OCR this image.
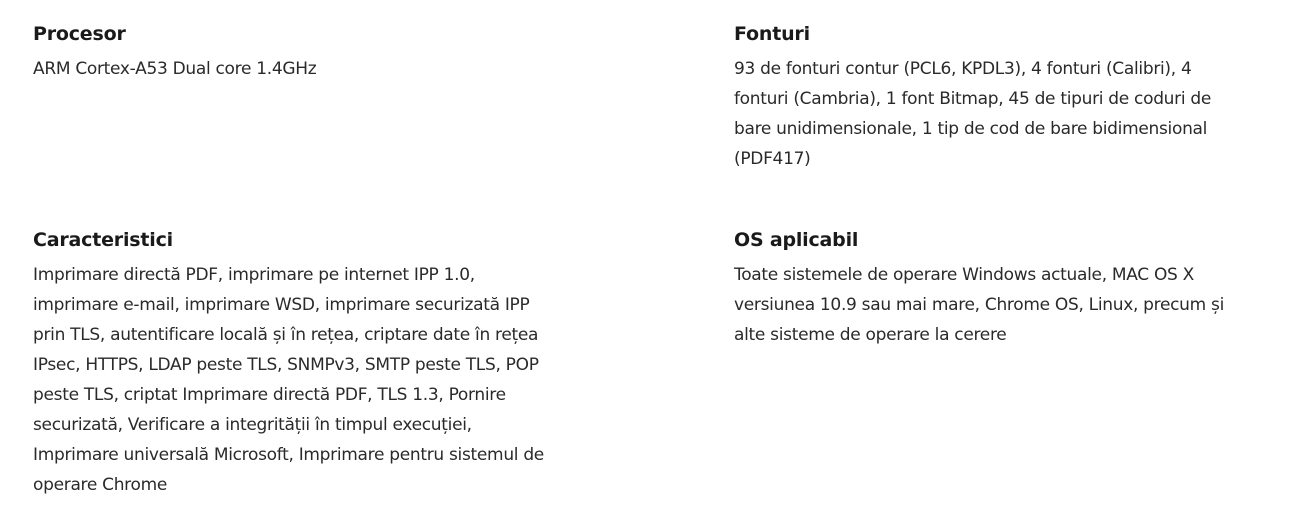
Procesor

ARM Cortex-A53 Dual core 1.4GHz

Fonturi

93 de fonturi contur (PCL6, KPDL3), 4 fonturi (Calibri), 4 fonturi (Cambria), 1 font Bitmap, 45 de tipuri de coduri de bare unidimensionale, 1 tip de cod de bare bidimensional (PDF417)

Caracteristici

Imprimare directă PDF, imprimare pe internet IPP 1.0, imprimare e-mail, imprimare WSD, imprimare securizată IPP prin TLS, autentificare locală și în rețea, criptare date în rețea IPsec, HTTPS, LDAP peste TLS, SNMPv3, SMTP peste TLS, POP peste TLS, criptat Imprimare directă PDF, TLS 1.3, Pornire securizată, Verificare a integrității în timpul execuției, Imprimare universală Microsoft, Imprimare pentru sistemul de operare Chrome

OS aplicabil

Toate sistemele de operare Windows actuale, MAC OS X versiunea 10.9 sau mai mare, Chrome OS, Linux, precum și alte sisteme de operare la cerere
